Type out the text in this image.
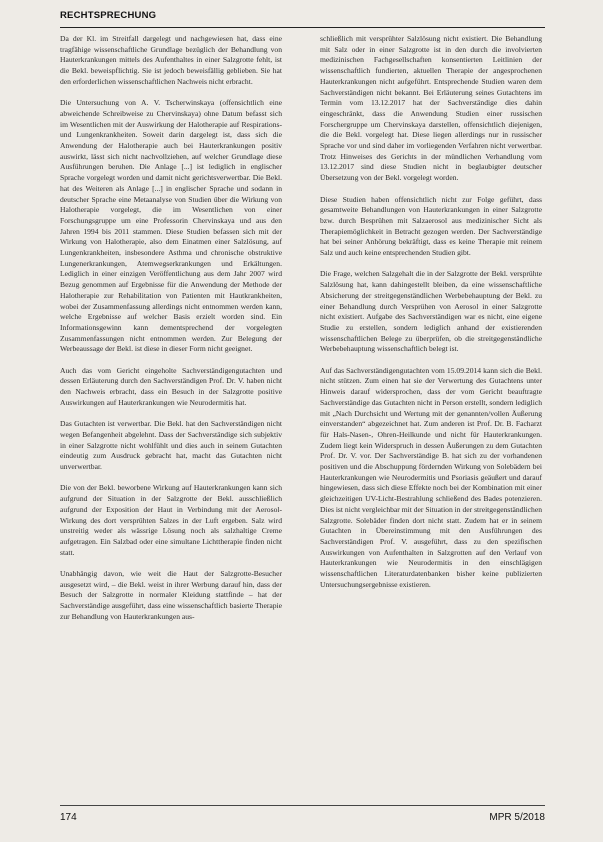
RECHTSPRECHUNG

Da der Kl. im Streitfall dargelegt und nachgewiesen hat, dass eine tragfähige wissenschaftliche Grundlage bezüglich der Behandlung von Hauterkrankungen mittels des Aufenthaltes in einer Salzgrotte fehlt, ist die Bekl. beweispflichtig. Sie ist jedoch beweisfällig geblieben. Sie hat den erforderlichen wissenschaftlichen Nachweis nicht erbracht.

Die Untersuchung von A. V. Tscherwinskaya (offensichtlich eine abweichende Schreibweise zu Chervinskaya) ohne Datum befasst sich im Wesentlichen mit der Auswirkung der Halotherapie auf Respirations- und Lungenkrankheiten. Soweit darin dargelegt ist, dass sich die Anwendung der Halotherapie auch bei Hauterkrankungen positiv auswirkt, lässt sich nicht nachvollziehen, auf welcher Grundlage diese Ausführungen beruhen. Die Anlage [...] ist lediglich in englischer Sprache vorgelegt worden und damit nicht gerichtsverwertbar. Die Bekl. hat des Weiteren als Anlage [...] in englischer Sprache und sodann in deutscher Sprache eine Metaanalyse von Studien über die Wirkung von Halotherapie vorgelegt, die im Wesentlichen von einer Forschungsgruppe um eine Professorin Chervinskaya und aus den Jahren 1994 bis 2011 stammen. Diese Studien befassen sich mit der Wirkung von Halotherapie, also dem Einatmen einer Salzlösung, auf Lungenkrankheiten, insbesondere Asthma und chronische obstruktive Lungenerkrankungen, Atemwegserkrankungen und Erkältungen. Lediglich in einer einzigen Veröffentlichung aus dem Jahr 2007 wird Bezug genommen auf Ergebnisse für die Anwendung der Methode der Halotherapie zur Rehabilitation von Patienten mit Hautkrankheiten, wobei der Zusammenfassung allerdings nicht entnommen werden kann, welche Ergebnisse auf welcher Basis erzielt worden sind. Ein Informationsgewinn kann dementsprechend der vorgelegten Zusammenfassungen nicht entnommen werden. Zur Belegung der Werbeaussage der Bekl. ist diese in dieser Form nicht geeignet.

Auch das vom Gericht eingeholte Sachverständigengutachten und dessen Erläuterung durch den Sachverständigen Prof. Dr. V. haben nicht den Nachweis erbracht, dass ein Besuch in der Salzgrotte positive Auswirkungen auf Hauterkrankungen wie Neurodermitis hat.

Das Gutachten ist verwertbar. Die Bekl. hat den Sachverständigen nicht wegen Befangenheit abgelehnt. Dass der Sachverständige sich subjektiv in einer Salzgrotte nicht wohlfühlt und dies auch in seinem Gutachten eindeutig zum Ausdruck gebracht hat, macht das Gutachten nicht unverwertbar.

Die von der Bekl. beworbene Wirkung auf Hauterkrankungen kann sich aufgrund der Situation in der Salzgrotte der Bekl. ausschließlich aufgrund der Exposition der Haut in Verbindung mit der Aerosol-Wirkung des dort versprühten Salzes in der Luft ergeben. Salz wird unstreitig weder als wässrige Lösung noch als salzhaltige Creme aufgetragen. Ein Salzbad oder eine simultane Lichttherapie finden nicht statt.

Unabhängig davon, wie weit die Haut der Salzgrotte-Besucher ausgesetzt wird, – die Bekl. weist in ihrer Werbung darauf hin, dass der Besuch der Salzgrotte in normaler Kleidung stattfinde – hat der Sachverständige ausgeführt, dass eine wissenschaftlich basierte Therapie zur Behandlung von Hauterkrankungen aus-

schließlich mit versprühter Salzlösung nicht existiert. Die Behandlung mit Salz oder in einer Salzgrotte ist in den durch die involvierten medizinischen Fachgesellschaften konsentierten Leitlinien der wissenschaftlich fundierten, aktuellen Therapie der angesprochenen Hauterkrankungen nicht aufgeführt. Entsprechende Studien waren dem Sachverständigen nicht bekannt. Bei Erläuterung seines Gutachtens im Termin vom 13.12.2017 hat der Sachverständige dies dahin eingeschränkt, dass die Anwendung Studien einer russischen Forschergruppe um Chervinskaya darstellen, offensichtlich diejenigen, die die Bekl. vorgelegt hat. Diese liegen allerdings nur in russischer Sprache vor und sind daher im vorliegenden Verfahren nicht verwertbar. Trotz Hinweises des Gerichts in der mündlichen Verhandlung vom 13.12.2017 sind diese Studien nicht in beglaubigter deutscher Übersetzung von der Bekl. vorgelegt worden.

Diese Studien haben offensichtlich nicht zur Folge geführt, dass gesamtweite Behandlungen von Hauterkrankungen in einer Salzgrotte bzw. durch Besprühen mit Salzaerosol aus medizinischer Sicht als Therapiemöglichkeit in Betracht gezogen werden. Der Sachverständige hat bei seiner Anhörung bekräftigt, dass es keine Therapie mit reinem Salz und auch keine entsprechenden Studien gibt.

Die Frage, welchen Salzgehalt die in der Salzgrotte der Bekl. versprühte Salzlösung hat, kann dahingestellt bleiben, da eine wissenschaftliche Absicherung der streitgegenständlichen Werbebehauptung der Bekl. zu einer Behandlung durch Versprühen von Aerosol in einer Salzgrotte nicht existiert. Aufgabe des Sachverständigen war es nicht, eine eigene Studie zu erstellen, sondern lediglich anhand der existierenden wissenschaftlichen Belege zu überprüfen, ob die streitgegenständliche Werbebehauptung wissenschaftlich belegt ist.

Auf das Sachverständigengutachten vom 15.09.2014 kann sich die Bekl. nicht stützen. Zum einen hat sie der Verwertung des Gutachtens unter Hinweis darauf widersprochen, dass der vom Gericht beauftragte Sachverständige das Gutachten nicht in Person erstellt, sondern lediglich mit „Nach Durchsicht und Wertung mit der genannten/vollen Äußerung einverstanden“ abgezeichnet hat. Zum anderen ist Prof. Dr. B. Facharzt für Hals-Nasen-, Ohren-Heilkunde und nicht für Hauterkrankungen. Zudem liegt kein Widerspruch in dessen Äußerungen zu dem Gutachten Prof. Dr. V. vor. Der Sachverständige B. hat sich zu der vorhandenen positiven und die Abschuppung fördernden Wirkung von Solebädern bei Hauterkrankungen wie Neurodermitis und Psoriasis geäußert und darauf hingewiesen, dass sich diese Effekte noch bei der Kombination mit einer gleichzeitigen UV-Licht-Bestrahlung schließend des Bades potenzieren. Dies ist nicht vergleichbar mit der Situation in der streitgegenständlichen Salzgrotte. Solebäder finden dort nicht statt. Zudem hat er in seinem Gutachten in Übereinstimmung mit den Ausführungen des Sachverständigen Prof. V. ausgeführt, dass zu den spezifischen Auswirkungen von Aufenthalten in Salzgrotten auf den Verlauf von Hauterkrankungen wie Neurodermitis in den einschlägigen wissenschaftlichen Literaturdatenbanken bisher keine publizierten Untersuchungsergebnisse existieren.

174	MPR 5/2018
